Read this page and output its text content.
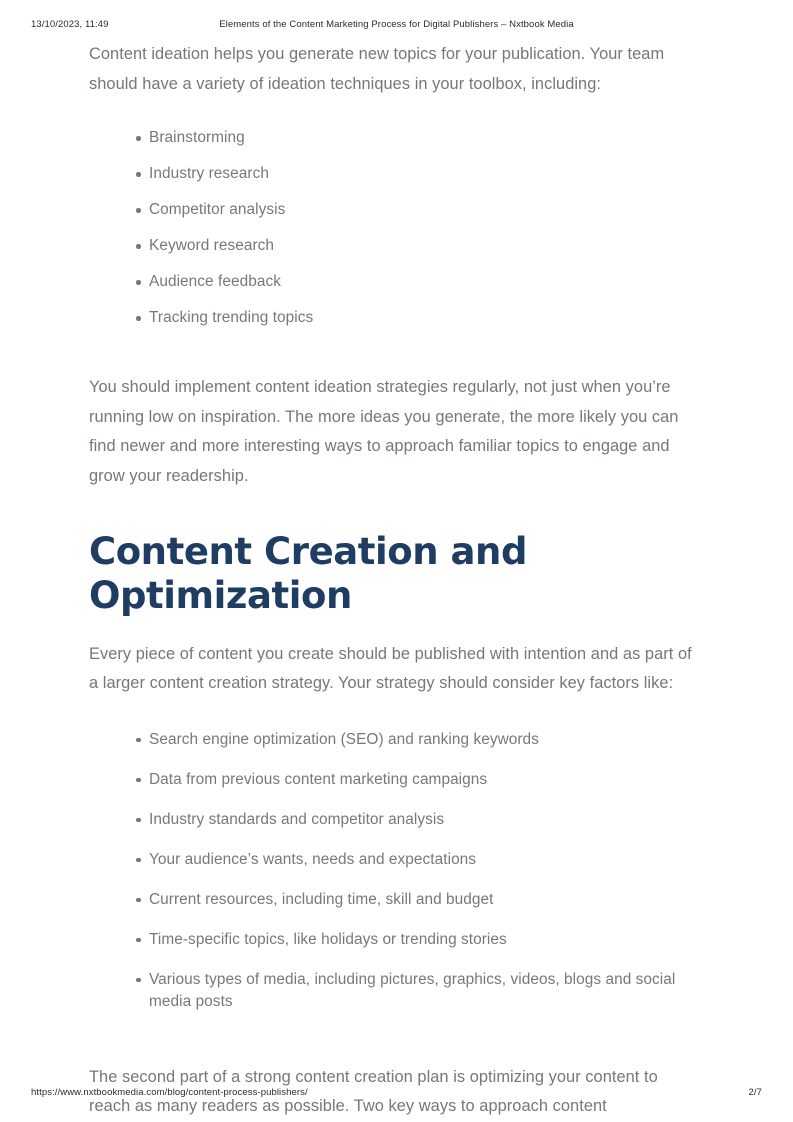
13/10/2023, 11:49	Elements of the Content Marketing Process for Digital Publishers – Nxtbook Media

Content ideation helps you generate new topics for your publication. Your team should have a variety of ideation techniques in your toolbox, including:

Brainstorming
Industry research
Competitor analysis
Keyword research
Audience feedback
Tracking trending topics

You should implement content ideation strategies regularly, not just when you’re running low on inspiration. The more ideas you generate, the more likely you can find newer and more interesting ways to approach familiar topics to engage and grow your readership.

Content Creation and Optimization

Every piece of content you create should be published with intention and as part of a larger content creation strategy. Your strategy should consider key factors like:

Search engine optimization (SEO) and ranking keywords
Data from previous content marketing campaigns
Industry standards and competitor analysis
Your audience’s wants, needs and expectations
Current resources, including time, skill and budget
Time-specific topics, like holidays or trending stories
Various types of media, including pictures, graphics, videos, blogs and social media posts

The second part of a strong content creation plan is optimizing your content to reach as many readers as possible. Two key ways to approach content

https://www.nxtbookmedia.com/blog/content-process-publishers/	2/7
